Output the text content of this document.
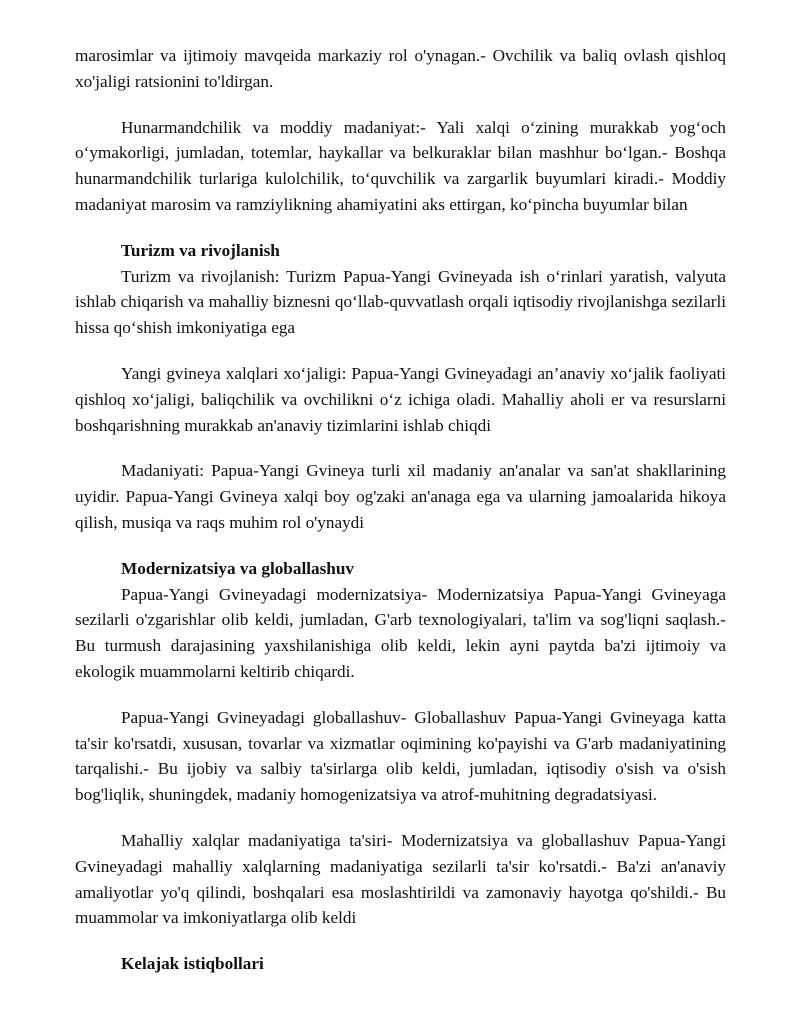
marosimlar va ijtimoiy mavqeida markaziy rol o'ynagan.- Ovchilik va baliq ovlash qishloq xo'jaligi ratsionini to'ldirgan.

Hunarmandchilik va moddiy madaniyat:- Yali xalqi o‘zining murakkab yog‘och o‘ymakorligi, jumladan, totemlar, haykallar va belkuraklar bilan mashhur bo‘lgan.- Boshqa hunarmandchilik turlariga kulolchilik, to‘quvchilik va zargarlik buyumlari kiradi.- Moddiy madaniyat marosim va ramziylikning ahamiyatini aks ettirgan, ko‘pincha buyumlar bilan

Turizm va rivojlanish

Turizm va rivojlanish: Turizm Papua-Yangi Gvineyada ish o‘rinlari yaratish, valyuta ishlab chiqarish va mahalliy biznesni qo‘llab-quvvatlash orqali iqtisodiy rivojlanishga sezilarli hissa qo‘shish imkoniyatiga ega

Yangi gvineya xalqlari xo‘jaligi: Papua-Yangi Gvineyadagi an’anaviy xo‘jalik faoliyati qishloq xo‘jaligi, baliqchilik va ovchilikni o‘z ichiga oladi. Mahalliy aholi er va resurslarni boshqarishning murakkab an'anaviy tizimlarini ishlab chiqdi

Madaniyati: Papua-Yangi Gvineya turli xil madaniy an'analar va san'at shakllarining uyidir. Papua-Yangi Gvineya xalqi boy og'zaki an'anaga ega va ularning jamoalarida hikoya qilish, musiqa va raqs muhim rol o'ynaydi

Modernizatsiya va globallashuv

Papua-Yangi Gvineyadagi modernizatsiya- Modernizatsiya Papua-Yangi Gvineyaga sezilarli o'zgarishlar olib keldi, jumladan, G'arb texnologiyalari, ta'lim va sog'liqni saqlash.- Bu turmush darajasining yaxshilanishiga olib keldi, lekin ayni paytda ba'zi ijtimoiy va ekologik muammolarni keltirib chiqardi.

Papua-Yangi Gvineyadagi globallashuv- Globallashuv Papua-Yangi Gvineyaga katta ta'sir ko'rsatdi, xususan, tovarlar va xizmatlar oqimining ko'payishi va G'arb madaniyatining tarqalishi.- Bu ijobiy va salbiy ta'sirlarga olib keldi, jumladan, iqtisodiy o'sish va o'sish bog'liqlik, shuningdek, madaniy homogenizatsiya va atrof-muhitning degradatsiyasi.

Mahalliy xalqlar madaniyatiga ta'siri- Modernizatsiya va globallashuv Papua-Yangi Gvineyadagi mahalliy xalqlarning madaniyatiga sezilarli ta'sir ko'rsatdi.- Ba'zi an'anaviy amaliyotlar yo'q qilindi, boshqalari esa moslashtirildi va zamonaviy hayotga qo'shildi.- Bu muammolar va imkoniyatlarga olib keldi

Kelajak istiqbollari
